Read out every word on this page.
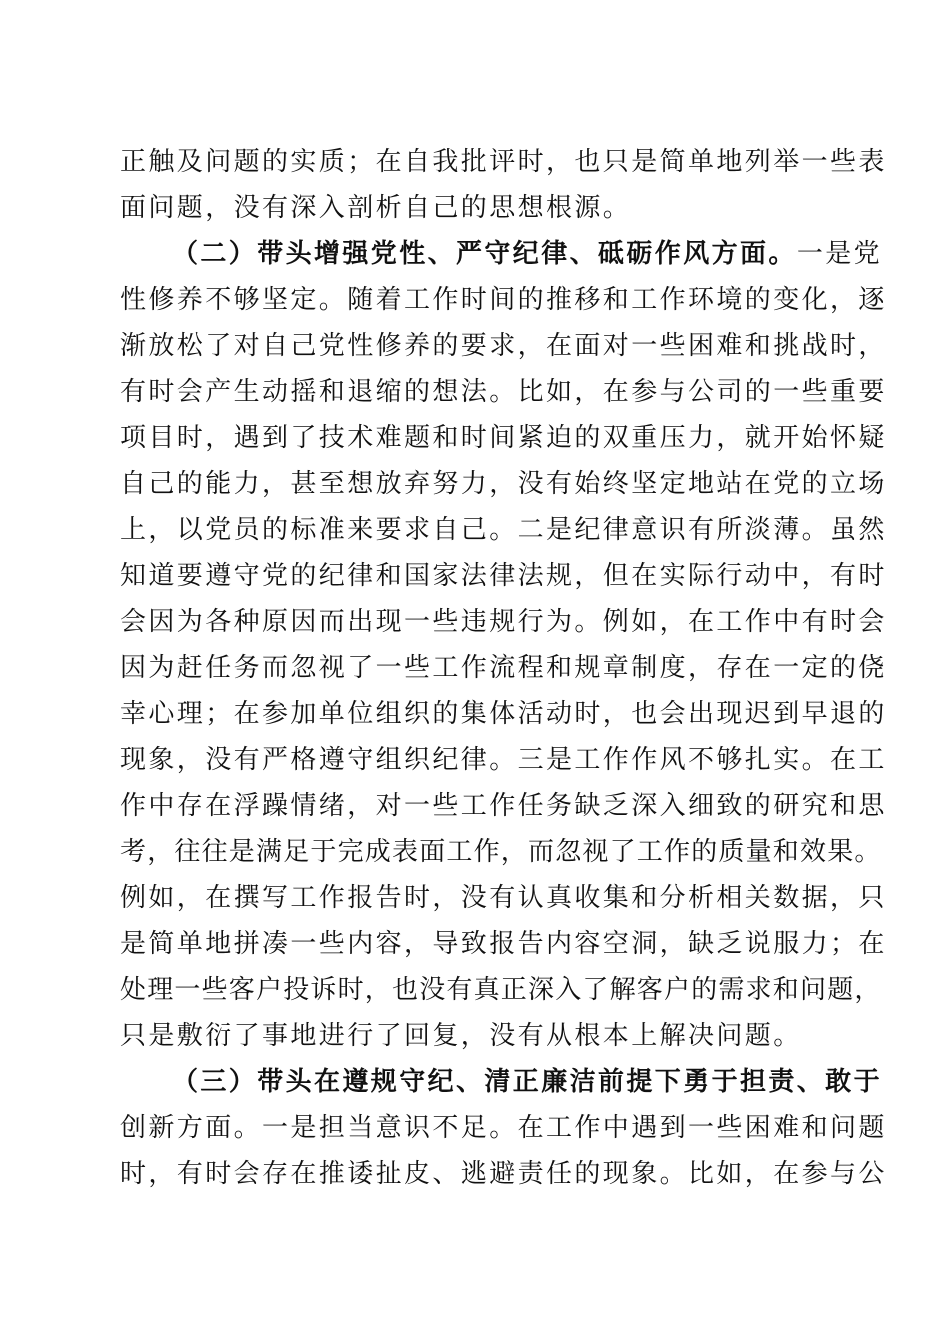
正触及问题的实质；在自我批评时，也只是简单地列举一些表

面问题，没有深入剖析自己的思想根源。

（二）带头增强党性、严守纪律、砥砺作风方面。一是党

性修养不够坚定。随着工作时间的推移和工作环境的变化，逐

渐放松了对自己党性修养的要求，在面对一些困难和挑战时，

有时会产生动摇和退缩的想法。比如，在参与公司的一些重要

项目时，遇到了技术难题和时间紧迫的双重压力，就开始怀疑

自己的能力，甚至想放弃努力，没有始终坚定地站在党的立场

上，以党员的标准来要求自己。二是纪律意识有所淡薄。虽然

知道要遵守党的纪律和国家法律法规，但在实际行动中，有时

会因为各种原因而出现一些违规行为。例如，在工作中有时会

因为赶任务而忽视了一些工作流程和规章制度，存在一定的侥

幸心理；在参加单位组织的集体活动时，也会出现迟到早退的

现象，没有严格遵守组织纪律。三是工作作风不够扎实。在工

作中存在浮躁情绪，对一些工作任务缺乏深入细致的研究和思

考，往往是满足于完成表面工作，而忽视了工作的质量和效果。

例如，在撰写工作报告时，没有认真收集和分析相关数据，只

是简单地拼凑一些内容，导致报告内容空洞，缺乏说服力；在

处理一些客户投诉时，也没有真正深入了解客户的需求和问题，

只是敷衍了事地进行了回复，没有从根本上解决问题。

（三）带头在遵规守纪、清正廉洁前提下勇于担责、敢于

创新方面。一是担当意识不足。在工作中遇到一些困难和问题

时，有时会存在推诿扯皮、逃避责任的现象。比如，在参与公
